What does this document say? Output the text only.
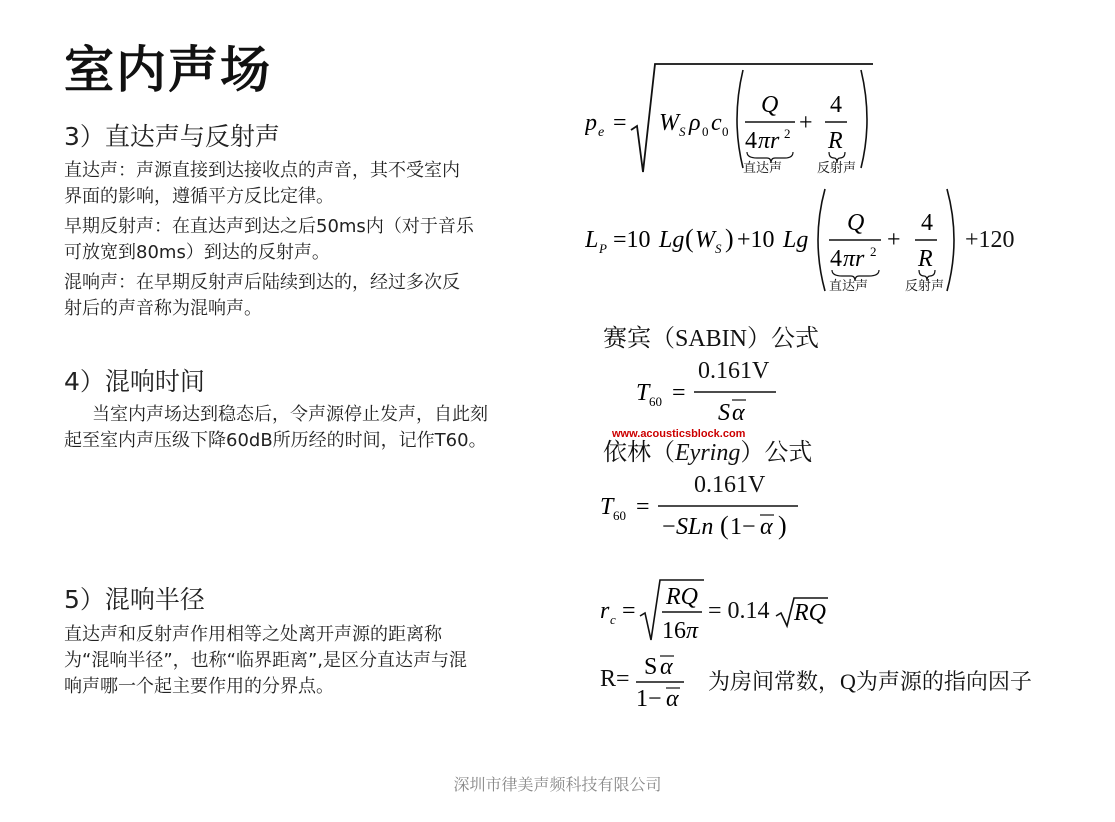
室内声场
3）直达声与反射声
直达声：声源直接到达接收点的声音，其不受室内界面的影响，遵循平方反比定律。
早期反射声：在直达声到达之后50ms内（对于音乐可放宽到80ms）到达的反射声。
混响声：在早期反射声后陆续到达的，经过多次反射后的声音称为混响声。
4）混响时间
当室内声场达到稳态后，令声源停止发声，自此刻起至室内声压级下降60dB所历经的时间，记作T60。
5）混响半径
直达声和反射声作用相等之处离开声源的距离称为“混响半径”，也称“临界距离”,是区分直达声与混响声哪一个起主要作用的分界点。
p e = W S ρ 0 c 0
Q
4 πr 2 +
4
R
直达声	反射声
L P =10 Lg ( W S ) +10 Lg
Q
4 πr 2 +
4
R
+120
直达声	反射声
赛宾（SABIN）公式
T 60 =
S α
0.161V
www.acousticsblock.com
依林（Eyring）公式
T 60 =
− SLn ( 1− α )
0.161V
r c =
RQ
16 π
RQ
= 0.14
R= S α
1− α
为房间常数，Q为声源的指向因子
深圳市律美声频科技有限公司
